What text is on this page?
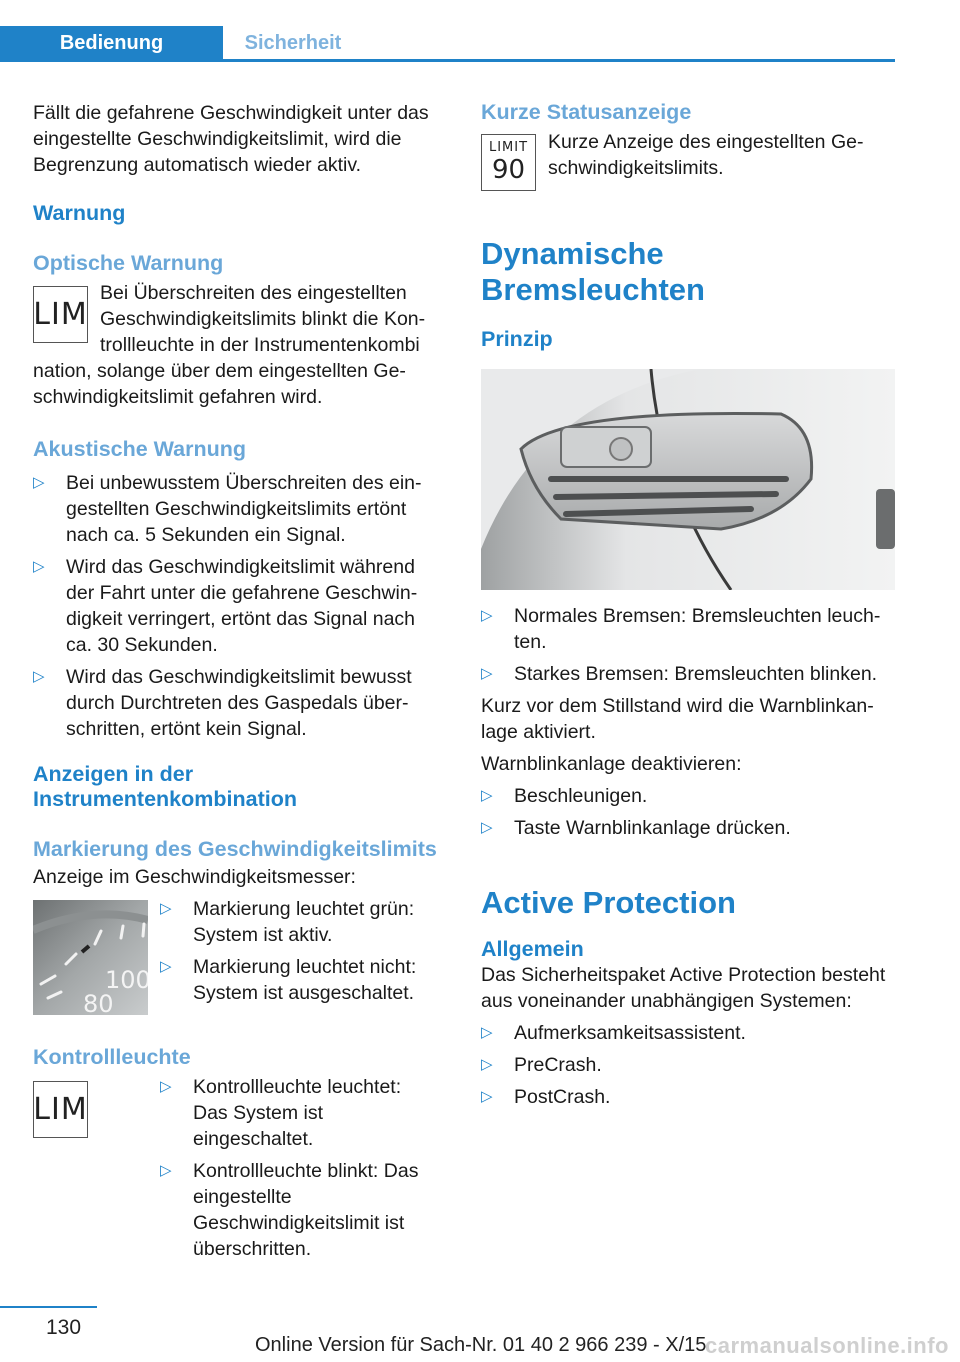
Bedienung	Sicherheit

Fällt die gefahrene Geschwindigkeit unter das eingestellte Geschwindigkeitslimit, wird die Begrenzung automatisch wieder aktiv.

Warnung
Optische Warnung
LIM

Bei Überschreiten des eingestellten Geschwindigkeitslimits blinkt die Kontrollleuchte in der Instrumentenkombi

nation, solange über dem eingestellten Geschwindigkeitslimit gefahren wird.

Akustische Warnung
▷ Bei unbewusstem Überschreiten des eingestellten Geschwindigkeitslimits ertönt nach ca. 5 Sekunden ein Signal.
▷ Wird das Geschwindigkeitslimit während der Fahrt unter die gefahrene Geschwindigkeit verringert, ertönt das Signal nach ca. 30 Sekunden.
▷ Wird das Geschwindigkeitslimit bewusst durch Durchtreten des Gaspedals überschritten, ertönt kein Signal.
Anzeigen in der Instrumentenkombination
Markierung des Geschwindigkeitslimits

Anzeige im Geschwindigkeitsmesser:

100
80
▷ Markierung leuchtet grün: System ist aktiv.
▷ Markierung leuchtet nicht: System ist ausgeschaltet.
Kontrollleuchte
LIM
▷ Kontrollleuchte leuchtet: Das System ist eingeschaltet.
▷ Kontrollleuchte blinkt: Das eingestellte Geschwindigkeitslimit ist überschritten.
Kurze Statusanzeige
LIMIT
90

Kurze Anzeige des eingestellten Geschwindigkeitslimits.

Dynamische Bremsleuchten
Prinzip
▷ Normales Bremsen: Bremsleuchten leuchten.
▷ Starkes Bremsen: Bremsleuchten blinken.

Kurz vor dem Stillstand wird die Warnblinkanlage aktiviert.

Warnblinkanlage deaktivieren:

▷ Beschleunigen.
▷ Taste Warnblinkanlage drücken.
Active Protection
Allgemein

Das Sicherheitspaket Active Protection besteht aus voneinander unabhängigen Systemen:

▷ Aufmerksamkeitsassistent.
▷ PreCrash.
▷ PostCrash.
130
Online Version für Sach-Nr. 01 40 2 966 239 - X/15
carmanualsonline.info
